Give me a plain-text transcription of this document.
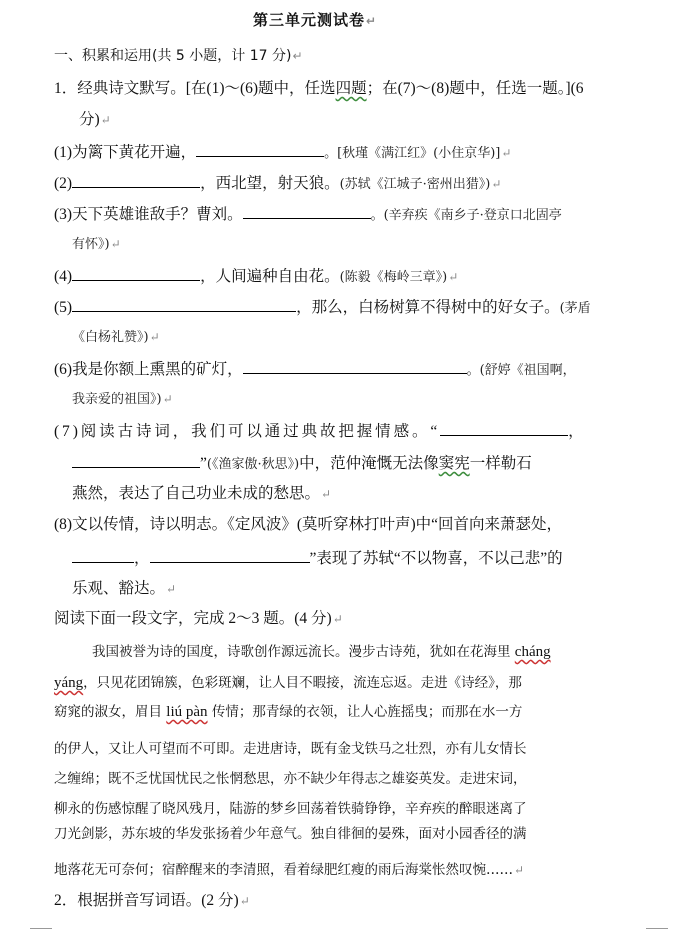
第三单元测试卷↵
一、积累和运用(共 5 小题，计 17 分)↵
1．经典诗文默写。[在(1)～(6)题中，任选四题；在(7)～(8)题中，任选一题。](6
分)↵
(1)为篱下黄花开遍，	。[秋瑾《满江红》(小住京华)]↵
(2)	，西北望，射天狼。(苏轼《江城子·密州出猎》)↵
(3)天下英雄谁敌手？曹刘。	。(辛弃疾《南乡子·登京口北固亭
有怀》)↵
(4)	，人间遍种自由花。(陈毅《梅岭三章》)↵
(5)	，那么，白杨树算不得树中的好女子。(茅盾
《白杨礼赞》)↵
(6)我是你额上熏黑的矿灯，	。(舒婷《祖国啊，
我亲爱的祖国》)↵
(7)阅读古诗词，我们可以通过典故把握情感。“	，
”(《渔家傲·秋思》)中，范仲淹慨无法像窦宪一样勒石
燕然，表达了自己功业未成的愁思。↵
(8)文以传情，诗以明志。《定风波》(莫听穿林打叶声)中“回首向来萧瑟处，
，	”表现了苏轼“不以物喜，不以己悲”的
乐观、豁达。↵
阅读下面一段文字，完成 2～3 题。(4 分)↵
我国被誉为诗的国度，诗歌创作源远流长。漫步古诗苑，犹如在花海里 cháng
yáng，只见花团锦簇，色彩斑斓，让人目不暇接，流连忘返。走进《诗经》，那
窈窕的淑女，眉目 liú pàn 传情；那青绿的衣领，让人心旌摇曳；而那在水一方
的伊人，又让人可望而不可即。走进唐诗，既有金戈铁马之壮烈，亦有儿女情长
之缠绵；既不乏忧国忧民之怅惘愁思，亦不缺少年得志之雄姿英发。走进宋词，
柳永的伤感惊醒了晓风残月，陆游的梦乡回荡着铁骑铮铮，辛弃疾的醉眼迷离了
刀光剑影，苏东坡的华发张扬着少年意气。独自徘徊的晏殊，面对小园香径的满
地落花无可奈何；宿醉醒来的李清照，看着绿肥红瘦的雨后海棠怅然叹惋……↵
2．根据拼音写词语。(2 分)↵
